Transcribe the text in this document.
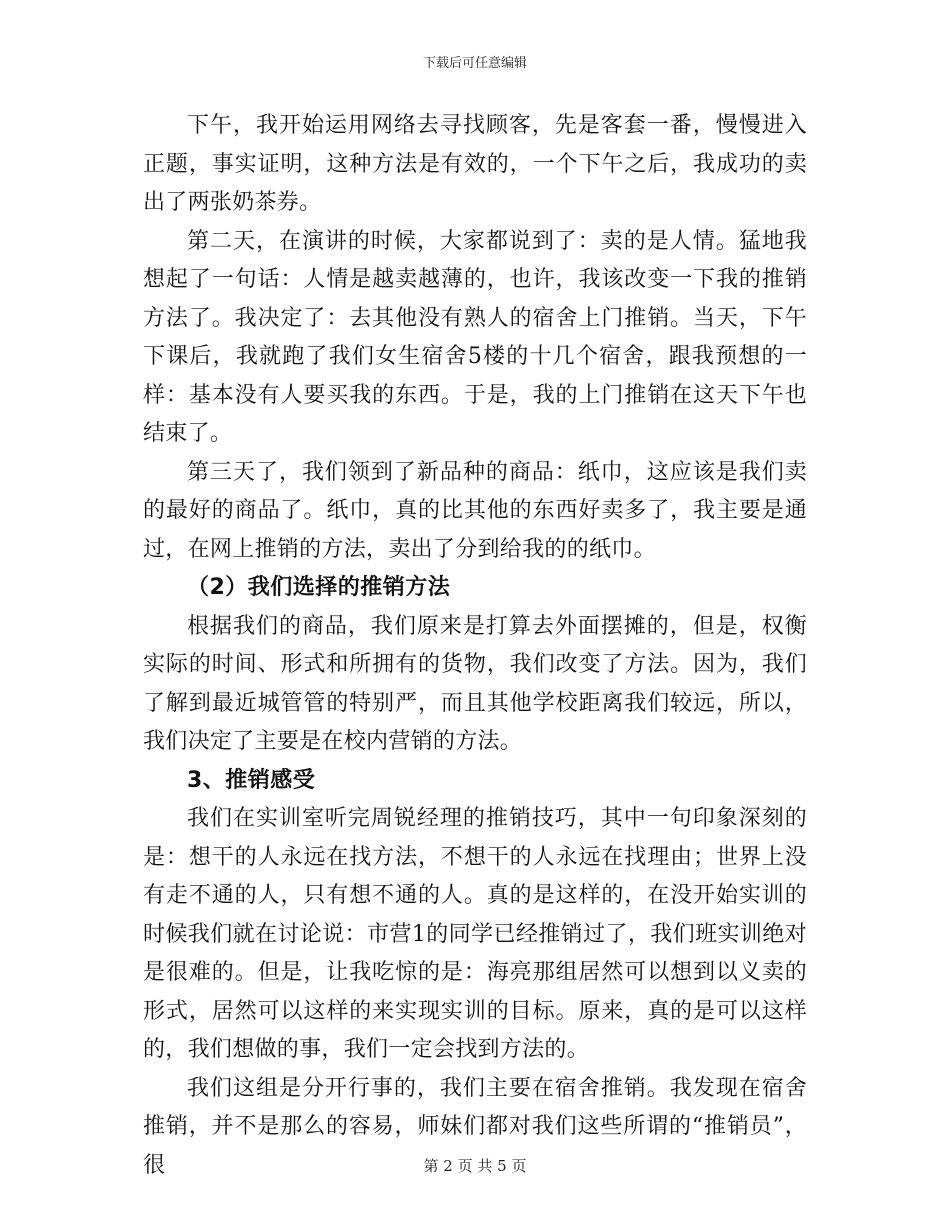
下载后可任意编辑

下午，我开始运用网络去寻找顾客，先是客套一番，慢慢进入正题，事实证明，这种方法是有效的，一个下午之后，我成功的卖出了两张奶茶券。

第二天，在演讲的时候，大家都说到了：卖的是人情。猛地我想起了一句话：人情是越卖越薄的，也许，我该改变一下我的推销方法了。我决定了：去其他没有熟人的宿舍上门推销。当天，下午下课后，我就跑了我们女生宿舍5楼的十几个宿舍，跟我预想的一样：基本没有人要买我的东西。于是，我的上门推销在这天下午也结束了。

第三天了，我们领到了新品种的商品：纸巾，这应该是我们卖的最好的商品了。纸巾，真的比其他的东西好卖多了，我主要是通过，在网上推销的方法，卖出了分到给我的的纸巾。

（2）我们选择的推销方法

根据我们的商品，我们原来是打算去外面摆摊的，但是，权衡实际的时间、形式和所拥有的货物，我们改变了方法。因为，我们了解到最近城管管的特别严，而且其他学校距离我们较远，所以，我们决定了主要是在校内营销的方法。

3、推销感受

我们在实训室听完周锐经理的推销技巧，其中一句印象深刻的是：想干的人永远在找方法，不想干的人永远在找理由；世界上没有走不通的人，只有想不通的人。真的是这样的，在没开始实训的时候我们就在讨论说：市营1的同学已经推销过了，我们班实训绝对是很难的。但是，让我吃惊的是：海亮那组居然可以想到以义卖的形式，居然可以这样的来实现实训的目标。原来，真的是可以这样的，我们想做的事，我们一定会找到方法的。

我们这组是分开行事的，我们主要在宿舍推销。我发现在宿舍推销，并不是那么的容易，师妹们都对我们这些所谓的“推销员”，很	第 2 页 共 5 页
